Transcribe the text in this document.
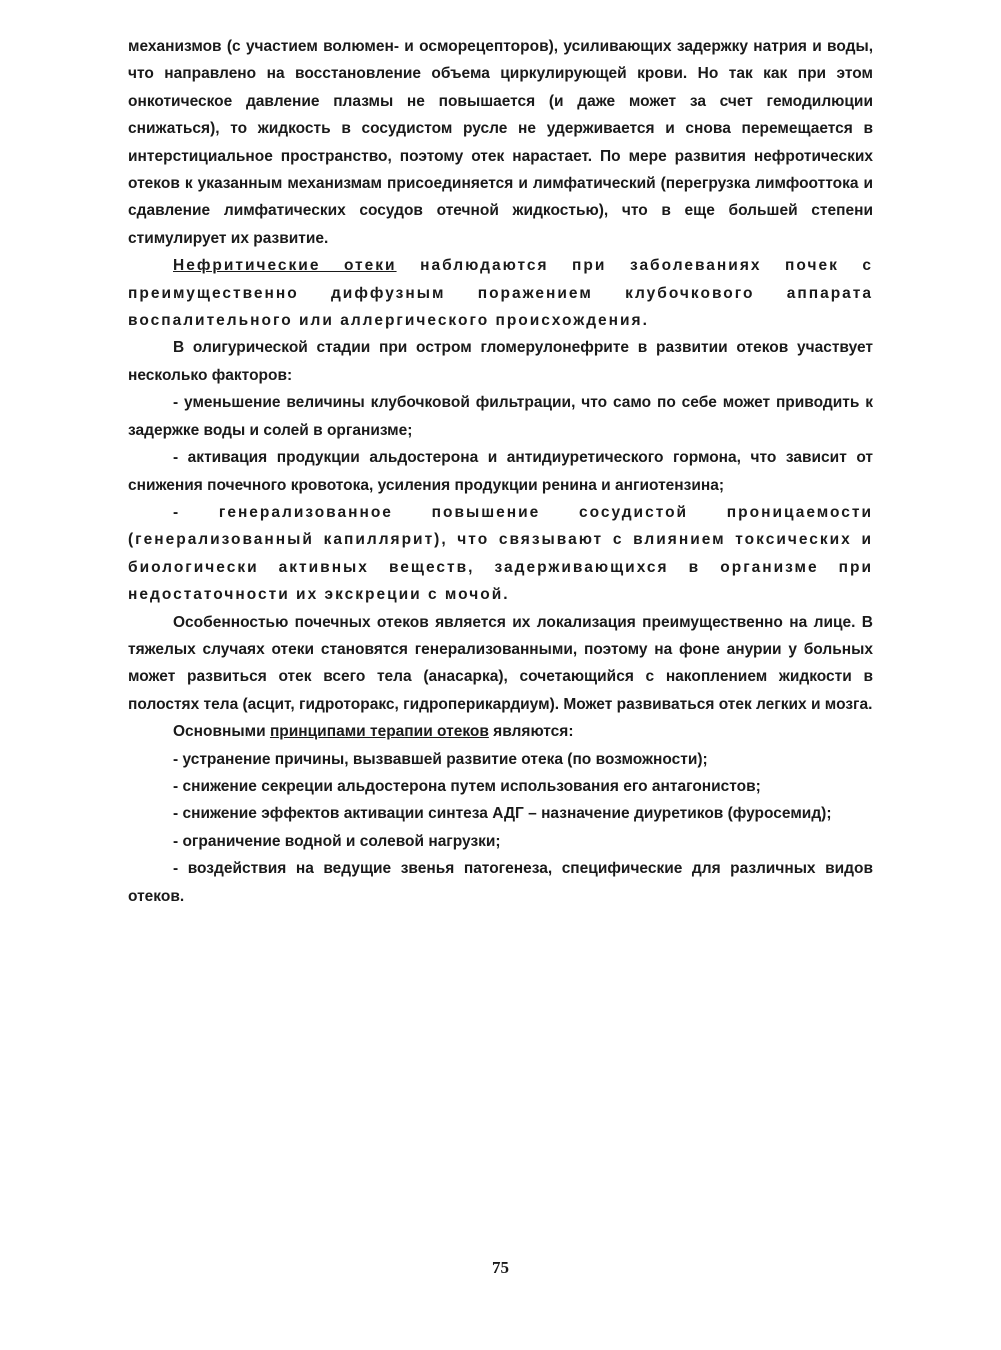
механизмов (с участием волюмен- и осморецепторов), усиливающих задержку натрия и воды, что направлено на восстановление объема циркулирующей крови. Но так как при этом онкотическое давление плазмы не повышается (и даже может за счет гемодилюции снижаться), то жидкость в сосудистом русле не удерживается и снова перемещается в интерстициальное пространство, поэтому отек нарастает. По мере развития нефротических отеков к указанным механизмам присоединяется и лимфатический (перегрузка лимфооттока и сдавление лимфатических сосудов отечной жидкостью), что в еще большей степени стимулирует их развитие.

Нефритические отеки наблюдаются при заболеваниях почек с преимущественно диффузным поражением клубочкового аппарата воспалительного или аллергического происхождения.

В олигурической стадии при остром гломерулонефрите в развитии отеков участвует несколько факторов:

- уменьшение величины клубочковой фильтрации, что само по себе может приводить к задержке воды и солей в организме;

- активация продукции альдостерона и антидиуретического гормона, что зависит от снижения почечного кровотока, усиления продукции ренина и ангиотензина;

- генерализованное повышение сосудистой проницаемости (генерализованный капиллярит), что связывают с влиянием токсических и биологически активных веществ, задерживающихся в организме при недостаточности их экскреции с мочой.

Особенностью почечных отеков является их локализация преимущественно на лице. В тяжелых случаях отеки становятся генерализованными, поэтому на фоне анурии у больных может развиться отек всего тела (анасарка), сочетающийся с накоплением жидкости в полостях тела (асцит, гидроторакс, гидроперикардиум). Может развиваться отек легких и мозга.

Основными принципами терапии отеков являются:

- устранение причины, вызвавшей развитие отека (по возможности);

- снижение секреции альдостерона путем использования его антагонистов;

- снижение эффектов активации синтеза АДГ – назначение диуретиков (фуросемид);

- ограничение водной и солевой нагрузки;

- воздействия на ведущие звенья патогенеза, специфические для различных видов отеков.

75
